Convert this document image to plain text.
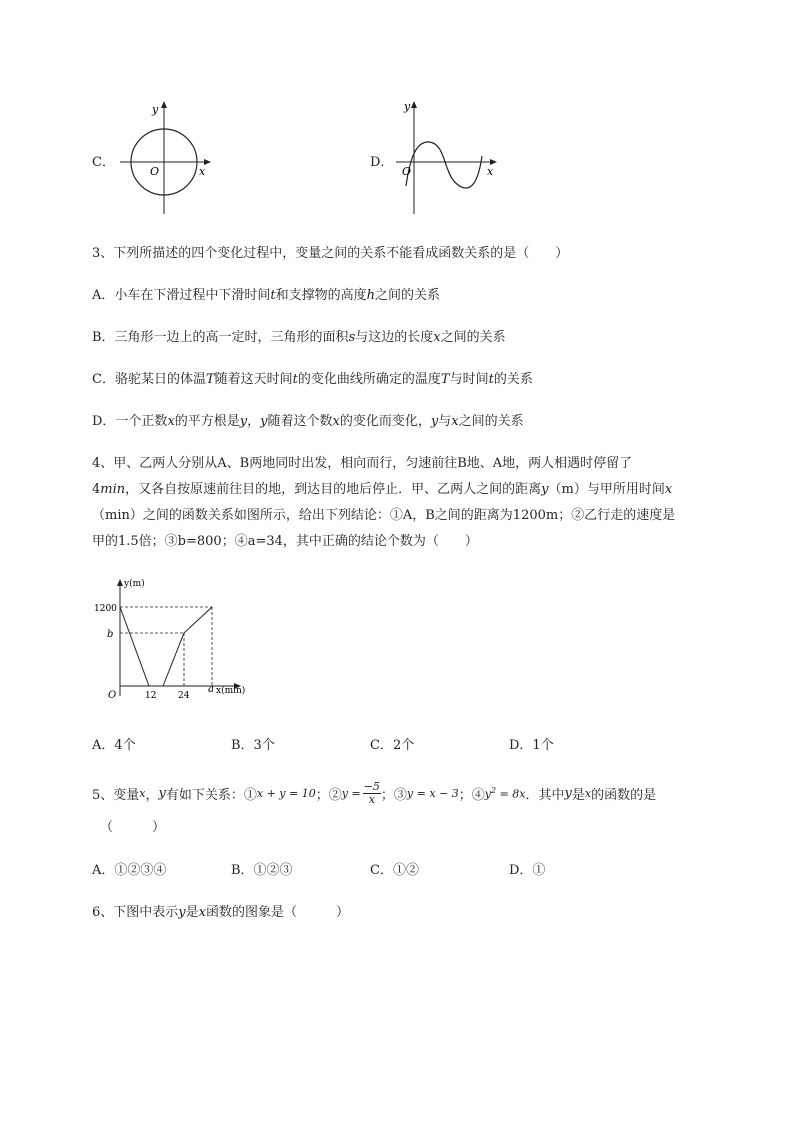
C．
y
x
O
D．
y
x
O
3、下列所描述的四个变化过程中，变量之间的关系不能看成函数关系的是（　　）
A．小车在下滑过程中下滑时间t和支撑物的高度h之间的关系
B．三角形一边上的高一定时，三角形的面积s与这边的长度x之间的关系
C．骆驼某日的体温T随着这天时间t的变化曲线所确定的温度T与时间t的关系
D．一个正数x的平方根是y，y随着这个数x的变化而变化，y与x之间的关系
4、甲、乙两人分别从A、B两地同时出发，相向而行，匀速前往B地、A地，两人相遇时停留了
4min，又各自按原速前往目的地，到达目的地后停止．甲、乙两人之间的距离y（m）与甲所用时间x
（min）之间的函数关系如图所示，给出下列结论：①A，B之间的距离为1200m；②乙行走的速度是
甲的1.5倍；③b=800；④a=34，其中正确的结论个数为（　　）
y(m)
x(min)
O
1200
b
12 24
a
A．4个	B．3个	C．2个	D．1个
5、变量 x ， y 有如下关系：① x + y = 10 ；② $y = \frac{-5}{x}$ ；③ y = x − 3 ；④ $y^2 = 8x$ ．其中 y 是 x 的函数的是
（　　　）
A．①②③④	B．①②③	C．①②	D．①
6、下图中表示y是x函数的图象是（　　　）
